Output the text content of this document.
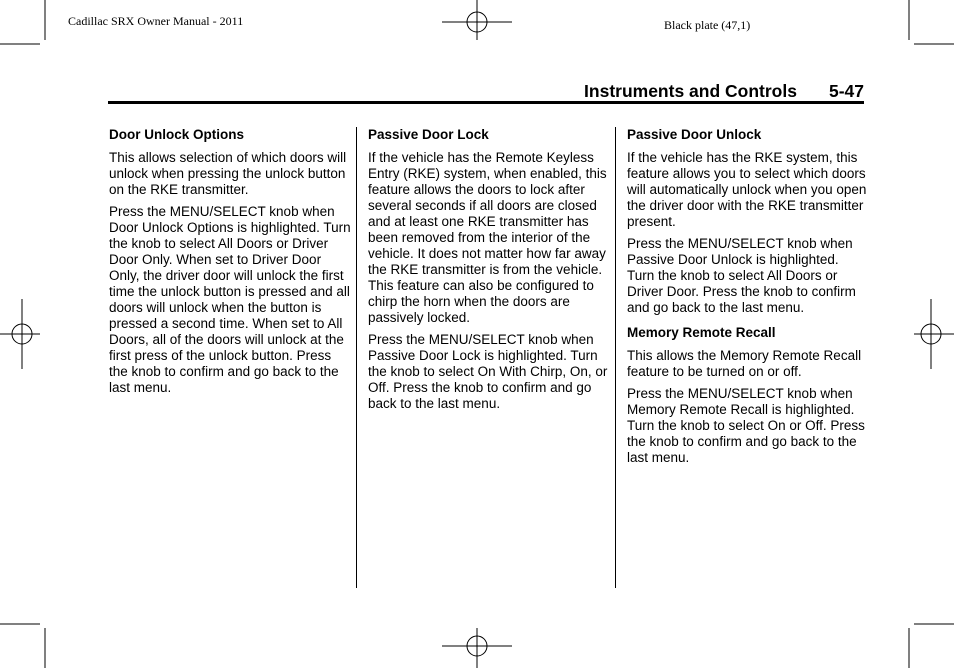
Cadillac SRX Owner Manual - 2011	Black plate (47,1)
Instruments and Controls 5-47
Door Unlock Options

This allows selection of which doors will unlock when pressing the unlock button on the RKE transmitter.

Press the MENU/SELECT knob when Door Unlock Options is highlighted. Turn the knob to select All Doors or Driver Door Only. When set to Driver Door Only, the driver door will unlock the first time the unlock button is pressed and all doors will unlock when the button is pressed a second time. When set to All Doors, all of the doors will unlock at the first press of the unlock button. Press the knob to confirm and go back to the last menu.

Passive Door Lock

If the vehicle has the Remote Keyless Entry (RKE) system, when enabled, this feature allows the doors to lock after several seconds if all doors are closed and at least one RKE transmitter has been removed from the interior of the vehicle. It does not matter how far away the RKE transmitter is from the vehicle. This feature can also be configured to chirp the horn when the doors are passively locked.

Press the MENU/SELECT knob when Passive Door Lock is highlighted. Turn the knob to select On With Chirp, On, or Off. Press the knob to confirm and go back to the last menu.

Passive Door Unlock

If the vehicle has the RKE system, this feature allows you to select which doors will automatically unlock when you open the driver door with the RKE transmitter present.

Press the MENU/SELECT knob when Passive Door Unlock is highlighted. Turn the knob to select All Doors or Driver Door. Press the knob to confirm and go back to the last menu.

Memory Remote Recall

This allows the Memory Remote Recall feature to be turned on or off.

Press the MENU/SELECT knob when Memory Remote Recall is highlighted. Turn the knob to select On or Off. Press the knob to confirm and go back to the last menu.
